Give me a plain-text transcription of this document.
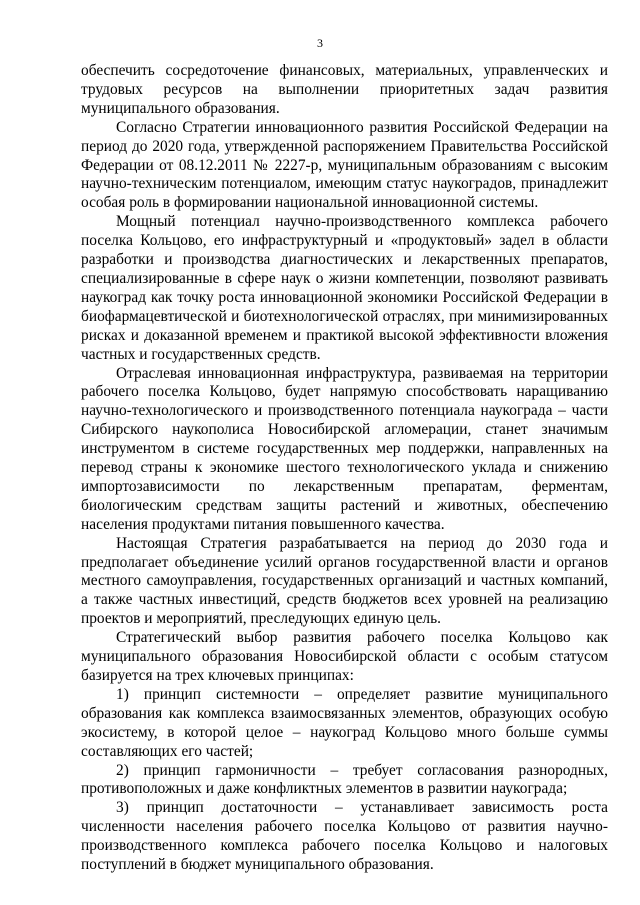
3

обеспечить сосредоточение финансовых, материальных, управленческих и трудовых ресурсов на выполнении приоритетных задач развития муниципального образования.

Согласно Стратегии инновационного развития Российской Федерации на период до 2020 года, утвержденной распоряжением Правительства Российской Федерации от 08.12.2011 № 2227-р, муниципальным образованиям с высоким научно-техническим потенциалом, имеющим статус наукоградов, принадлежит особая роль в формировании национальной инновационной системы.

Мощный потенциал научно-производственного комплекса рабочего поселка Кольцово, его инфраструктурный и «продуктовый» задел в области разработки и производства диагностических и лекарственных препаратов, специализированные в сфере наук о жизни компетенции, позволяют развивать наукоград как точку роста инновационной экономики Российской Федерации в биофармацевтической и биотехнологической отраслях, при минимизированных рисках и доказанной временем и практикой высокой эффективности вложения частных и государственных средств.

Отраслевая инновационная инфраструктура, развиваемая на территории рабочего поселка Кольцово, будет напрямую способствовать наращиванию научно-технологического и производственного потенциала наукограда – части Сибирского наукополиса Новосибирской агломерации, станет значимым инструментом в системе государственных мер поддержки, направленных на перевод страны к экономике шестого технологического уклада и снижению импортозависимости по лекарственным препаратам, ферментам, биологическим средствам защиты растений и животных, обеспечению населения продуктами питания повышенного качества.

Настоящая Стратегия разрабатывается на период до 2030 года и предполагает объединение усилий органов государственной власти и органов местного самоуправления, государственных организаций и частных компаний, а также частных инвестиций, средств бюджетов всех уровней на реализацию проектов и мероприятий, преследующих единую цель.

Стратегический выбор развития рабочего поселка Кольцово как муниципального образования Новосибирской области с особым статусом базируется на трех ключевых принципах:

1) принцип системности – определяет развитие муниципального образования как комплекса взаимосвязанных элементов, образующих особую экосистему, в которой целое – наукоград Кольцово много больше суммы составляющих его частей;

2) принцип гармоничности – требует согласования разнородных, противоположных и даже конфликтных элементов в развитии наукограда;

3) принцип достаточности – устанавливает зависимость роста численности населения рабочего поселка Кольцово от развития научно-производственного комплекса рабочего поселка Кольцово и налоговых поступлений в бюджет муниципального образования.
